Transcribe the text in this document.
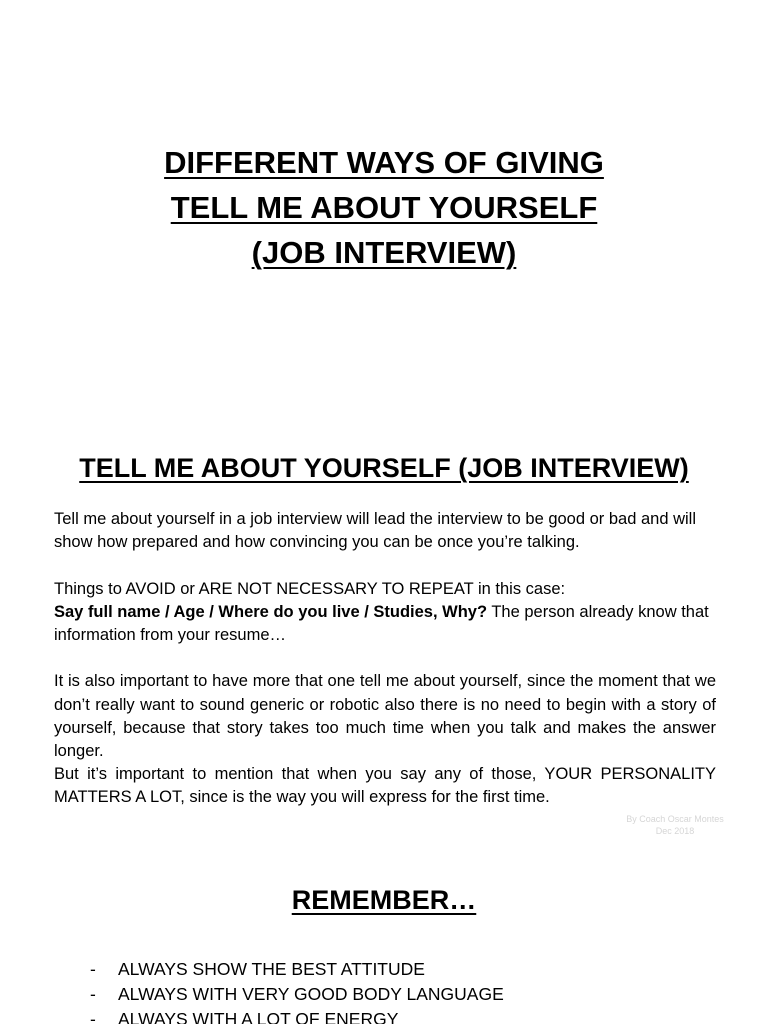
DIFFERENT WAYS OF GIVING
TELL ME ABOUT YOURSELF
(JOB INTERVIEW)
TELL ME ABOUT YOURSELF (JOB INTERVIEW)

Tell me about yourself in a job interview will lead the interview to be good or bad and will show how prepared and how convincing you can be once you’re talking.

Things to AVOID or ARE NOT NECESSARY TO REPEAT in this case:

Say full name / Age / Where do you live / Studies, Why? The person already know that information from your resume…

It is also important to have more that one tell me about yourself, since the moment that we don’t really want to sound generic or robotic also there is no need to begin with a story of yourself, because that story takes too much time when you talk and makes the answer longer.

But it’s important to mention that when you say any of those, YOUR PERSONALITY MATTERS A LOT, since is the way you will express for the first time.

By Coach Oscar Montes
Dec 2018
REMEMBER…
-	ALWAYS SHOW THE BEST ATTITUDE
-	ALWAYS WITH VERY GOOD BODY LANGUAGE
-	ALWAYS WITH A LOT OF ENERGY
